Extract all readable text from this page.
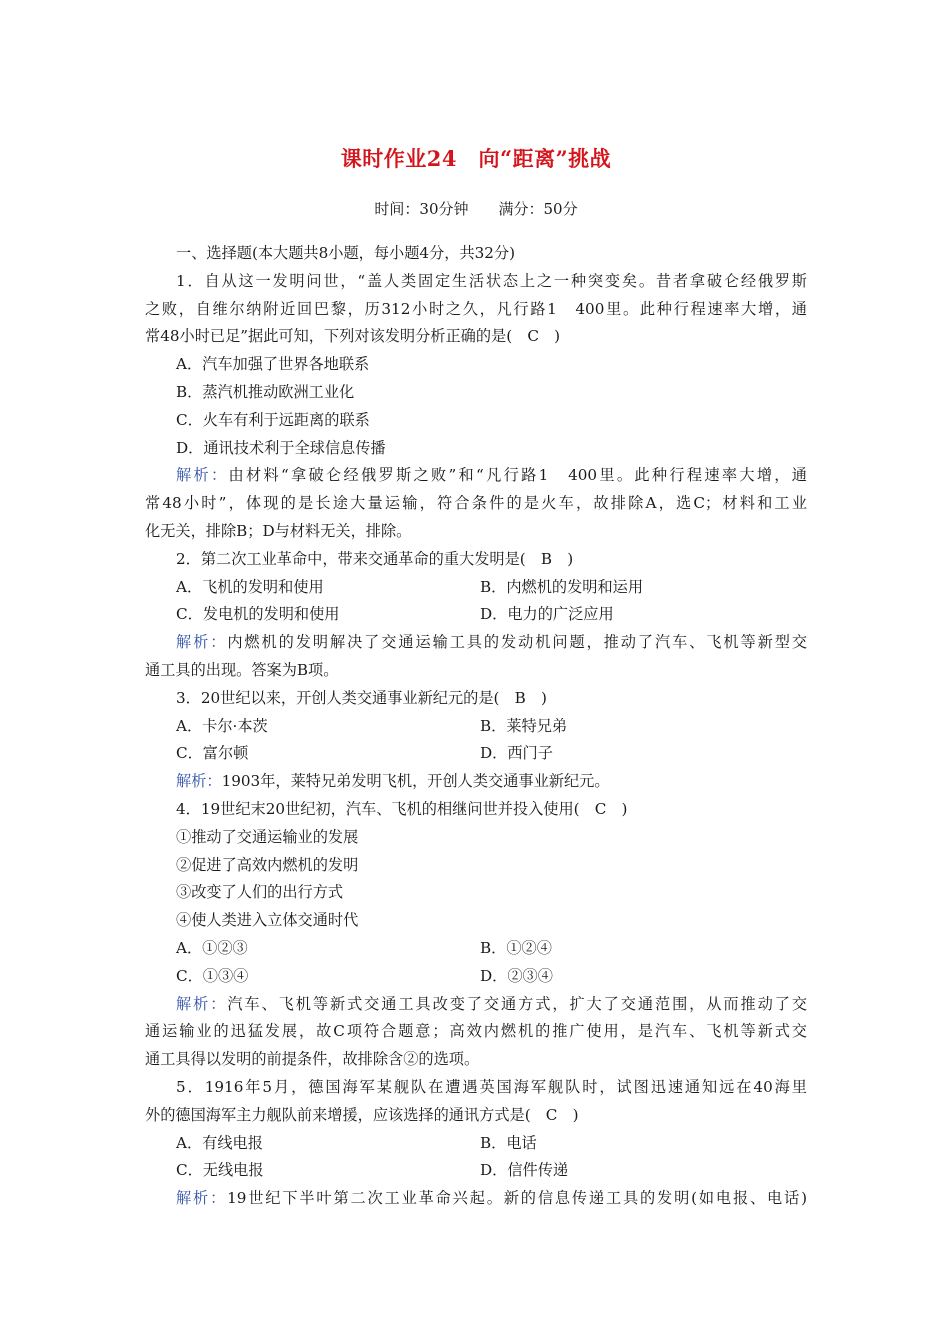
课时作业24　向“距离”挑战
时间：30分钟　　满分：50分
一、选择题(本大题共8小题，每小题4分，共32分)
1．自从这一发明问世，“盖人类固定生活状态上之一种突变矣。昔者拿破仑经俄罗斯
之败，自维尔纳附近回巴黎，历312小时之久，凡行路1　400里。此种行程速率大增，通
常48小时已足”据此可知，下列对该发明分析正确的是(　C　)
A．汽车加强了世界各地联系
B．蒸汽机推动欧洲工业化
C．火车有利于远距离的联系
D．通讯技术利于全球信息传播
解析：由材料“拿破仑经俄罗斯之败”和“凡行路1　400里。此种行程速率大增，通
常48小时”，体现的是长途大量运输，符合条件的是火车，故排除A，选C；材料和工业
化无关，排除B；D与材料无关，排除。
2．第二次工业革命中，带来交通革命的重大发明是(　B　)
A．飞机的发明和使用	B．内燃机的发明和运用
C．发电机的发明和使用	D．电力的广泛应用
解析：内燃机的发明解决了交通运输工具的发动机问题，推动了汽车、飞机等新型交
通工具的出现。答案为B项。
3．20世纪以来，开创人类交通事业新纪元的是(　B　)
A．卡尔·本茨	B．莱特兄弟
C．富尔顿	D．西门子
解析：1903年，莱特兄弟发明飞机，开创人类交通事业新纪元。
4．19世纪末20世纪初，汽车、飞机的相继问世并投入使用(　C　)
①推动了交通运输业的发展
②促进了高效内燃机的发明
③改变了人们的出行方式
④使人类进入立体交通时代
A．①②③	B．①②④
C．①③④	D．②③④
解析：汽车、飞机等新式交通工具改变了交通方式，扩大了交通范围，从而推动了交
通运输业的迅猛发展，故C项符合题意；高效内燃机的推广使用，是汽车、飞机等新式交
通工具得以发明的前提条件，故排除含②的选项。
5．1916年5月，德国海军某舰队在遭遇英国海军舰队时，试图迅速通知远在40海里
外的德国海军主力舰队前来增援，应该选择的通讯方式是(　C　)
A．有线电报	B．电话
C．无线电报	D．信件传递
解析：19世纪下半叶第二次工业革命兴起。新的信息传递工具的发明(如电报、电话)
